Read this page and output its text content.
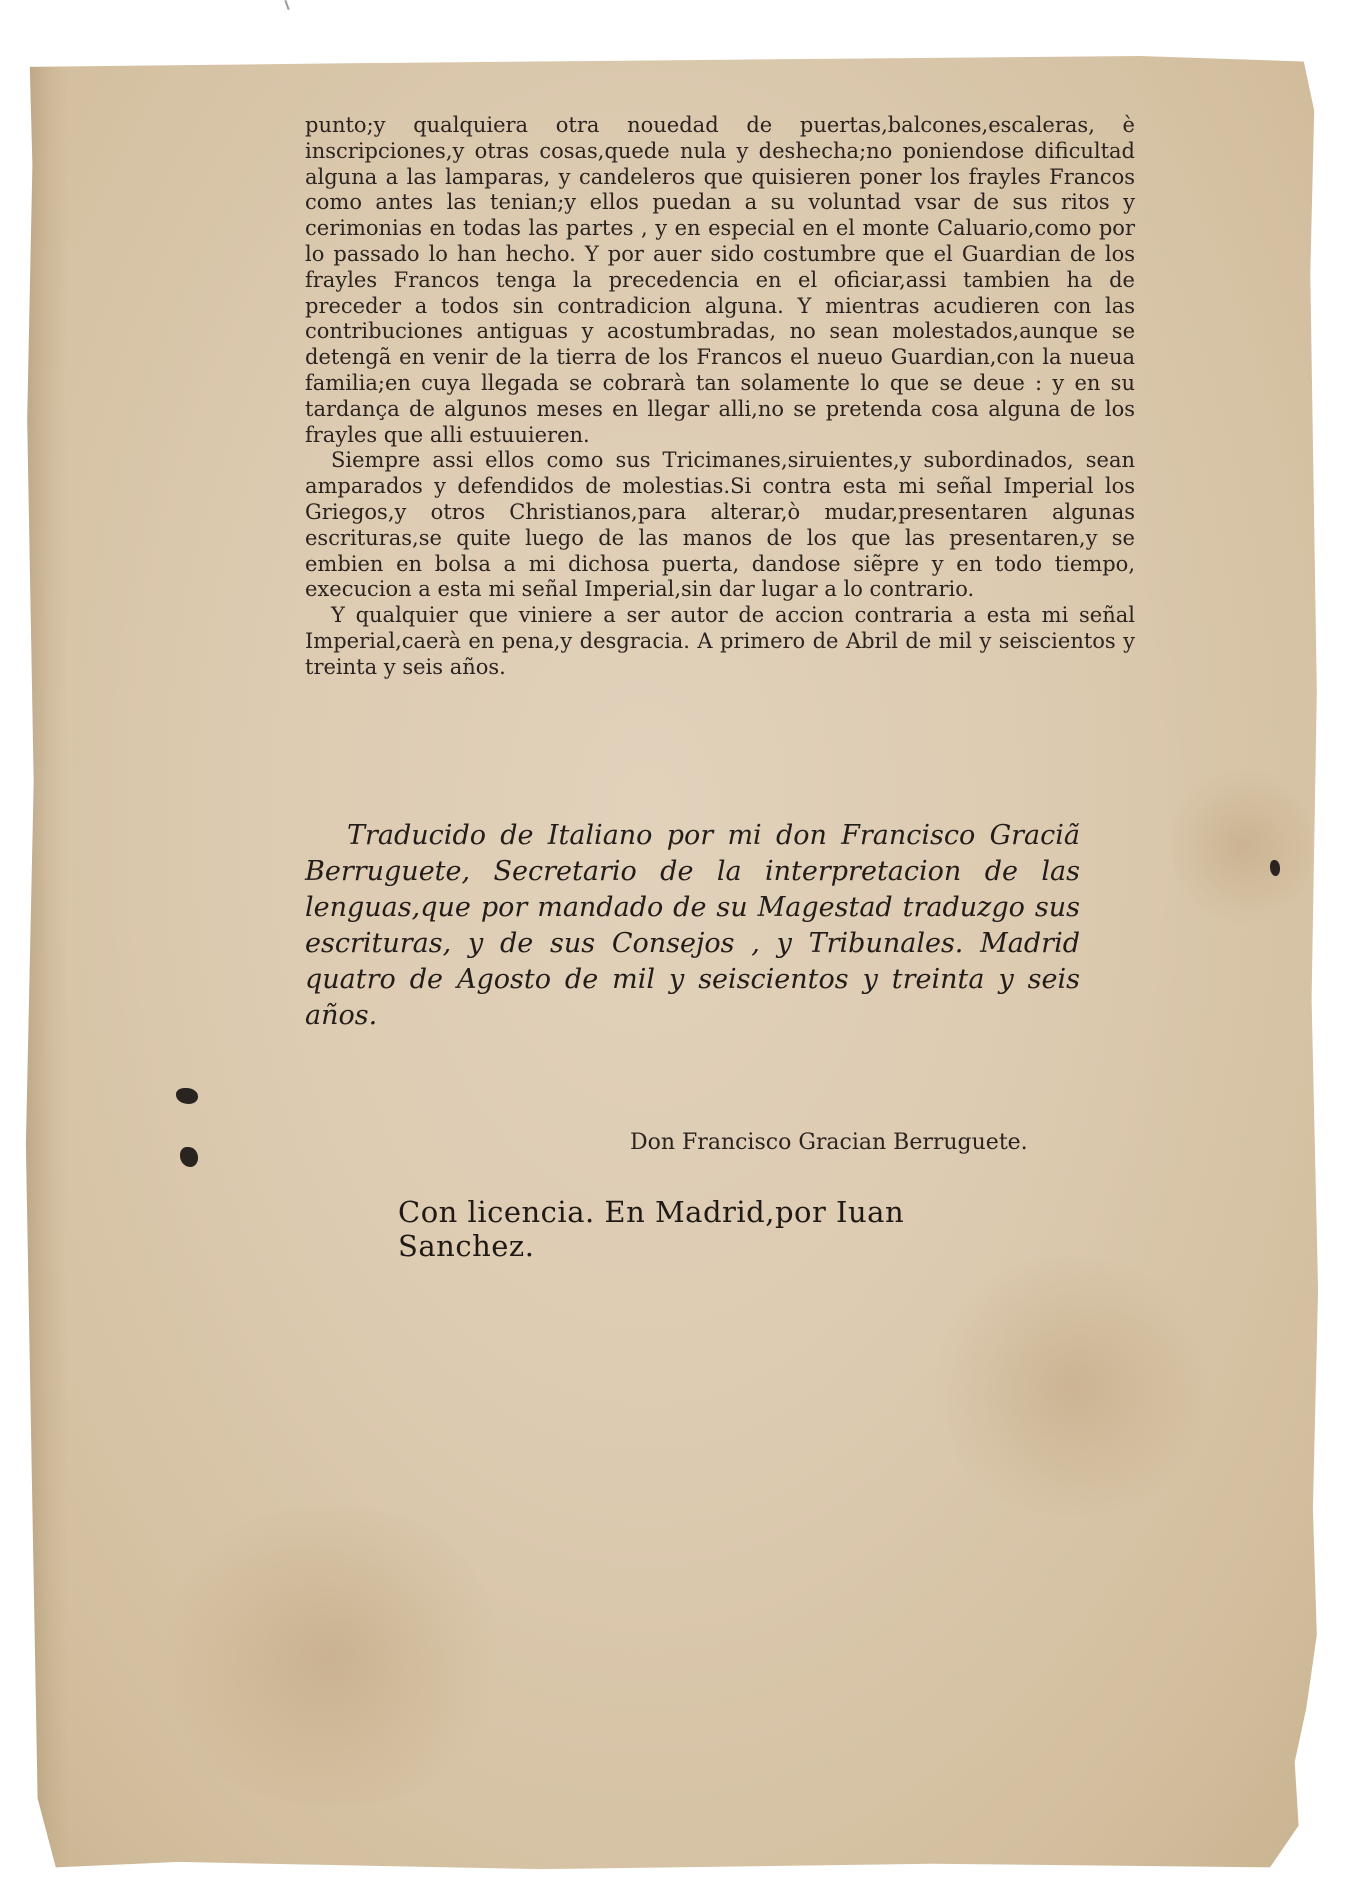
punto;y qualquiera otra nouedad de puertas,balcones,escaleras, è inscripciones,y otras cosas,quede nula y deshecha;no poniendose dificultad alguna a las lamparas, y candeleros que quisieren poner los frayles Francos como antes las tenian;y ellos puedan a su voluntad vsar de sus ritos y cerimonias en todas las partes , y en especial en el monte Caluario,como por lo passado lo han hecho. Y por auer sido costumbre que el Guardian de los frayles Francos tenga la precedencia en el oficiar,assi tambien ha de preceder a todos sin contradicion alguna. Y mientras acudieren con las contribuciones antiguas y acostumbradas, no sean molestados,aunque se detengã en venir de la tierra de los Francos el nueuo Guardian,con la nueua familia;en cuya llegada se cobrarà tan solamente lo que se deue : y en su tardança de algunos meses en llegar alli,no se pretenda cosa alguna de los frayles que alli estuuieren.

Siempre assi ellos como sus Tricimanes,siruientes,y subordinados, sean amparados y defendidos de molestias.Si contra esta mi señal Imperial los Griegos,y otros Christianos,para alterar,ò mudar,presentaren algunas escrituras,se quite luego de las manos de los que las presentaren,y se embien en bolsa a mi dichosa puerta, dandose siẽpre y en todo tiempo, execucion a esta mi señal Imperial,sin dar lugar a lo contrario.

Y qualquier que viniere a ser autor de accion contraria a esta mi señal Imperial,caerà en pena,y desgracia. A primero de Abril de mil y seiscientos y treinta y seis años.

Traducido de Italiano por mi don Francisco Graciã Berruguete, Secretario de la interpretacion de las lenguas,que por mandado de su Magestad traduzgo sus escrituras, y de sus Consejos , y Tribunales. Madrid quatro de Agosto de mil y seiscientos y treinta y seis años.
Don Francisco Gracian Berruguete.
Con licencia. En Madrid,por Iuan Sanchez.
